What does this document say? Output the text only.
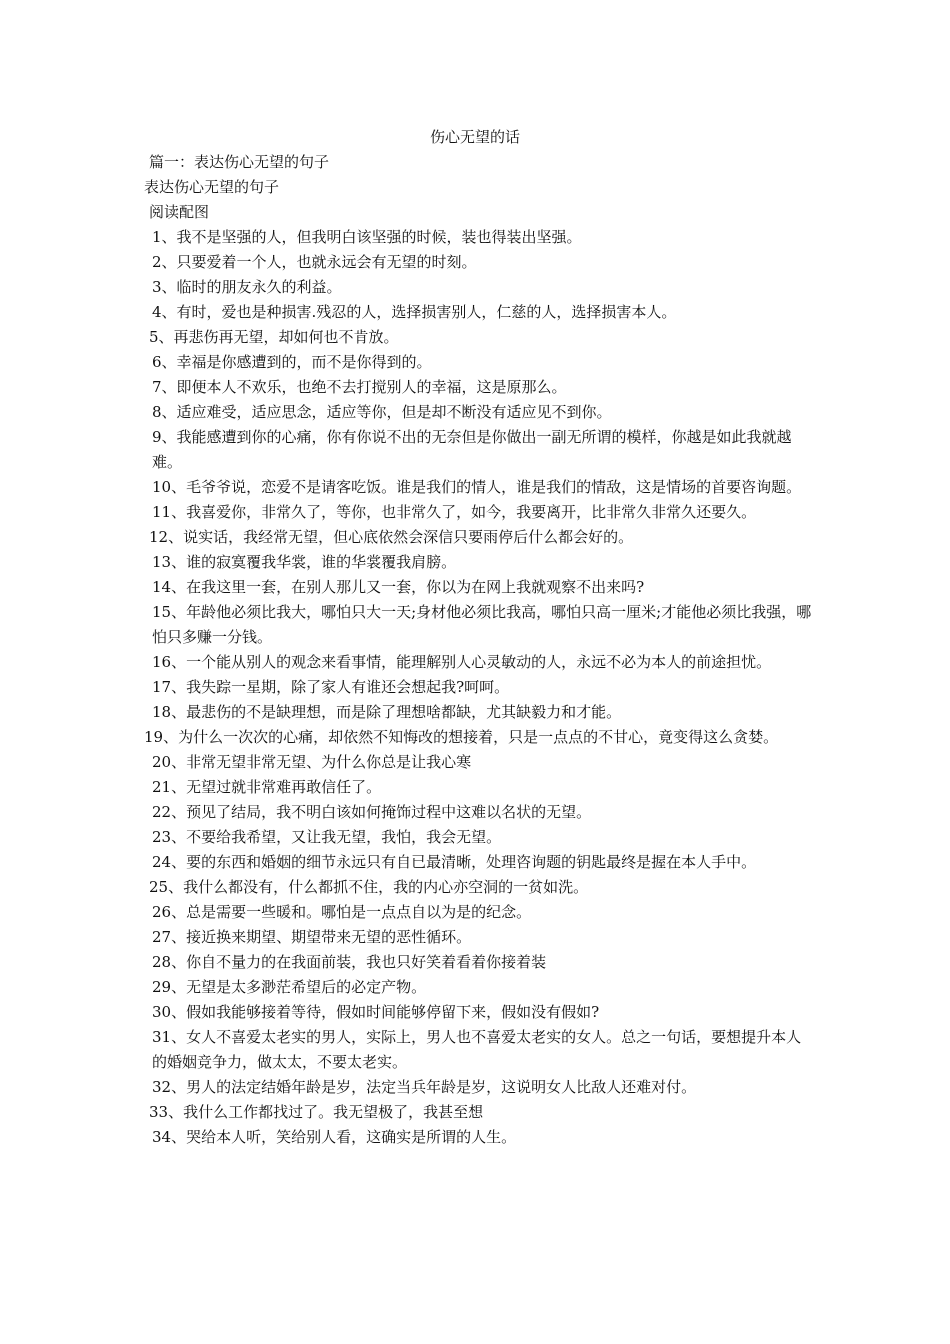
伤心无望的话
篇一：表达伤心无望的句子
表达伤心无望的句子
阅读配图
1、我不是坚强的人，但我明白该坚强的时候，装也得装出坚强。
2、只要爱着一个人，也就永远会有无望的时刻。
3、临时的朋友永久的利益。
4、有时，爱也是种损害.残忍的人，选择损害别人，仁慈的人，选择损害本人。
5、再悲伤再无望，却如何也不肯放。
6、幸福是你感遭到的，而不是你得到的。
7、即便本人不欢乐，也绝不去打搅别人的幸福，这是原那么。
8、适应难受，适应思念，适应等你，但是却不断没有适应见不到你。
9、我能感遭到你的心痛，你有你说不出的无奈但是你做出一副无所谓的模样，你越是如此我就越难。
10、毛爷爷说，恋爱不是请客吃饭。谁是我们的情人，谁是我们的情敌，这是情场的首要咨询题。
11、我喜爱你，非常久了，等你，也非常久了，如今，我要离开，比非常久非常久还要久。
12、说实话，我经常无望，但心底依然会深信只要雨停后什么都会好的。
13、谁的寂寞覆我华裳，谁的华裳覆我肩膀。
14、在我这里一套，在别人那儿又一套，你以为在网上我就观察不出来吗?
15、年龄他必须比我大，哪怕只大一天;身材他必须比我高，哪怕只高一厘米;才能他必须比我强，哪怕只多赚一分钱。
16、一个能从别人的观念来看事情，能理解别人心灵敏动的人，永远不必为本人的前途担忧。
17、我失踪一星期，除了家人有谁还会想起我?呵呵。
18、最悲伤的不是缺理想，而是除了理想啥都缺，尤其缺毅力和才能。
19、为什么一次次的心痛，却依然不知悔改的想接着，只是一点点的不甘心，竟变得这么贪婪。
20、非常无望非常无望、为什么你总是让我心寒
21、无望过就非常难再敢信任了。
22、预见了结局，我不明白该如何掩饰过程中这难以名状的无望。
23、不要给我希望，又让我无望，我怕，我会无望。
24、要的东西和婚姻的细节永远只有自已最清晰，处理咨询题的钥匙最终是握在本人手中。
25、我什么都没有，什么都抓不住，我的内心亦空洞的一贫如洗。
26、总是需要一些暖和。哪怕是一点点自以为是的纪念。
27、接近换来期望、期望带来无望的恶性循环。
28、你自不量力的在我面前装，我也只好笑着看着你接着装
29、无望是太多渺茫希望后的必定产物。
30、假如我能够接着等待，假如时间能够停留下来，假如没有假如?
31、女人不喜爱太老实的男人，实际上，男人也不喜爱太老实的女人。总之一句话，要想提升本人的婚姻竞争力，做太太，不要太老实。
32、男人的法定结婚年龄是岁，法定当兵年龄是岁，这说明女人比敌人还难对付。
33、我什么工作都找过了。我无望极了，我甚至想
34、哭给本人听，笑给别人看，这确实是所谓的人生。
